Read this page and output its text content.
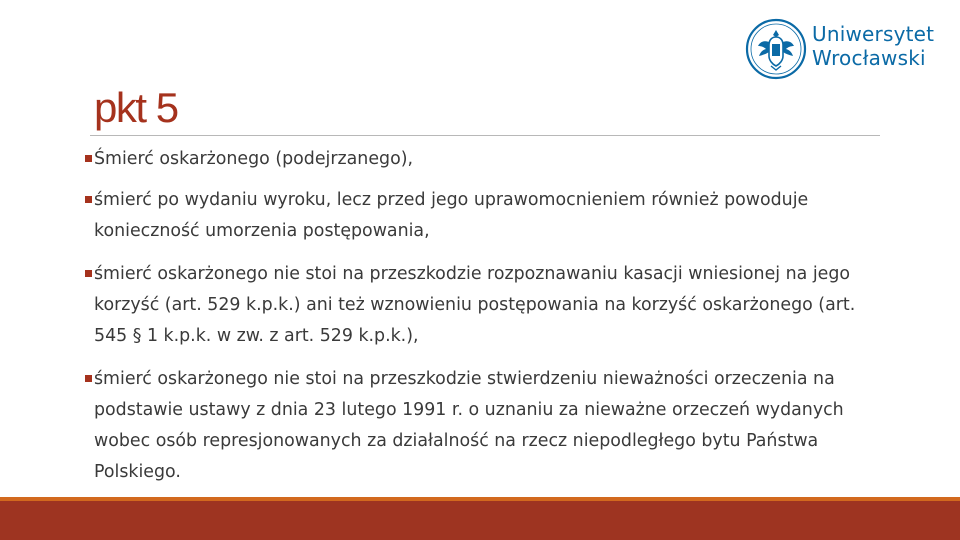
Uniwersytet
Wrocławski
pkt 5
Śmierć oskarżonego (podejrzanego),
śmierć po wydaniu wyroku, lecz przed jego uprawomocnieniem również powoduje konieczność umorzenia postępowania,
śmierć oskarżonego nie stoi na przeszkodzie rozpoznawaniu kasacji wniesionej na jego korzyść (art. 529 k.p.k.) ani też wznowieniu postępowania na korzyść oskarżonego (art. 545 § 1 k.p.k. w zw. z art. 529 k.p.k.),
śmierć oskarżonego nie stoi na przeszkodzie stwierdzeniu nieważności orzeczenia na podstawie ustawy z dnia 23 lutego 1991 r. o uznaniu za nieważne orzeczeń wydanych wobec osób represjonowanych za działalność na rzecz niepodległego bytu Państwa Polskiego.
